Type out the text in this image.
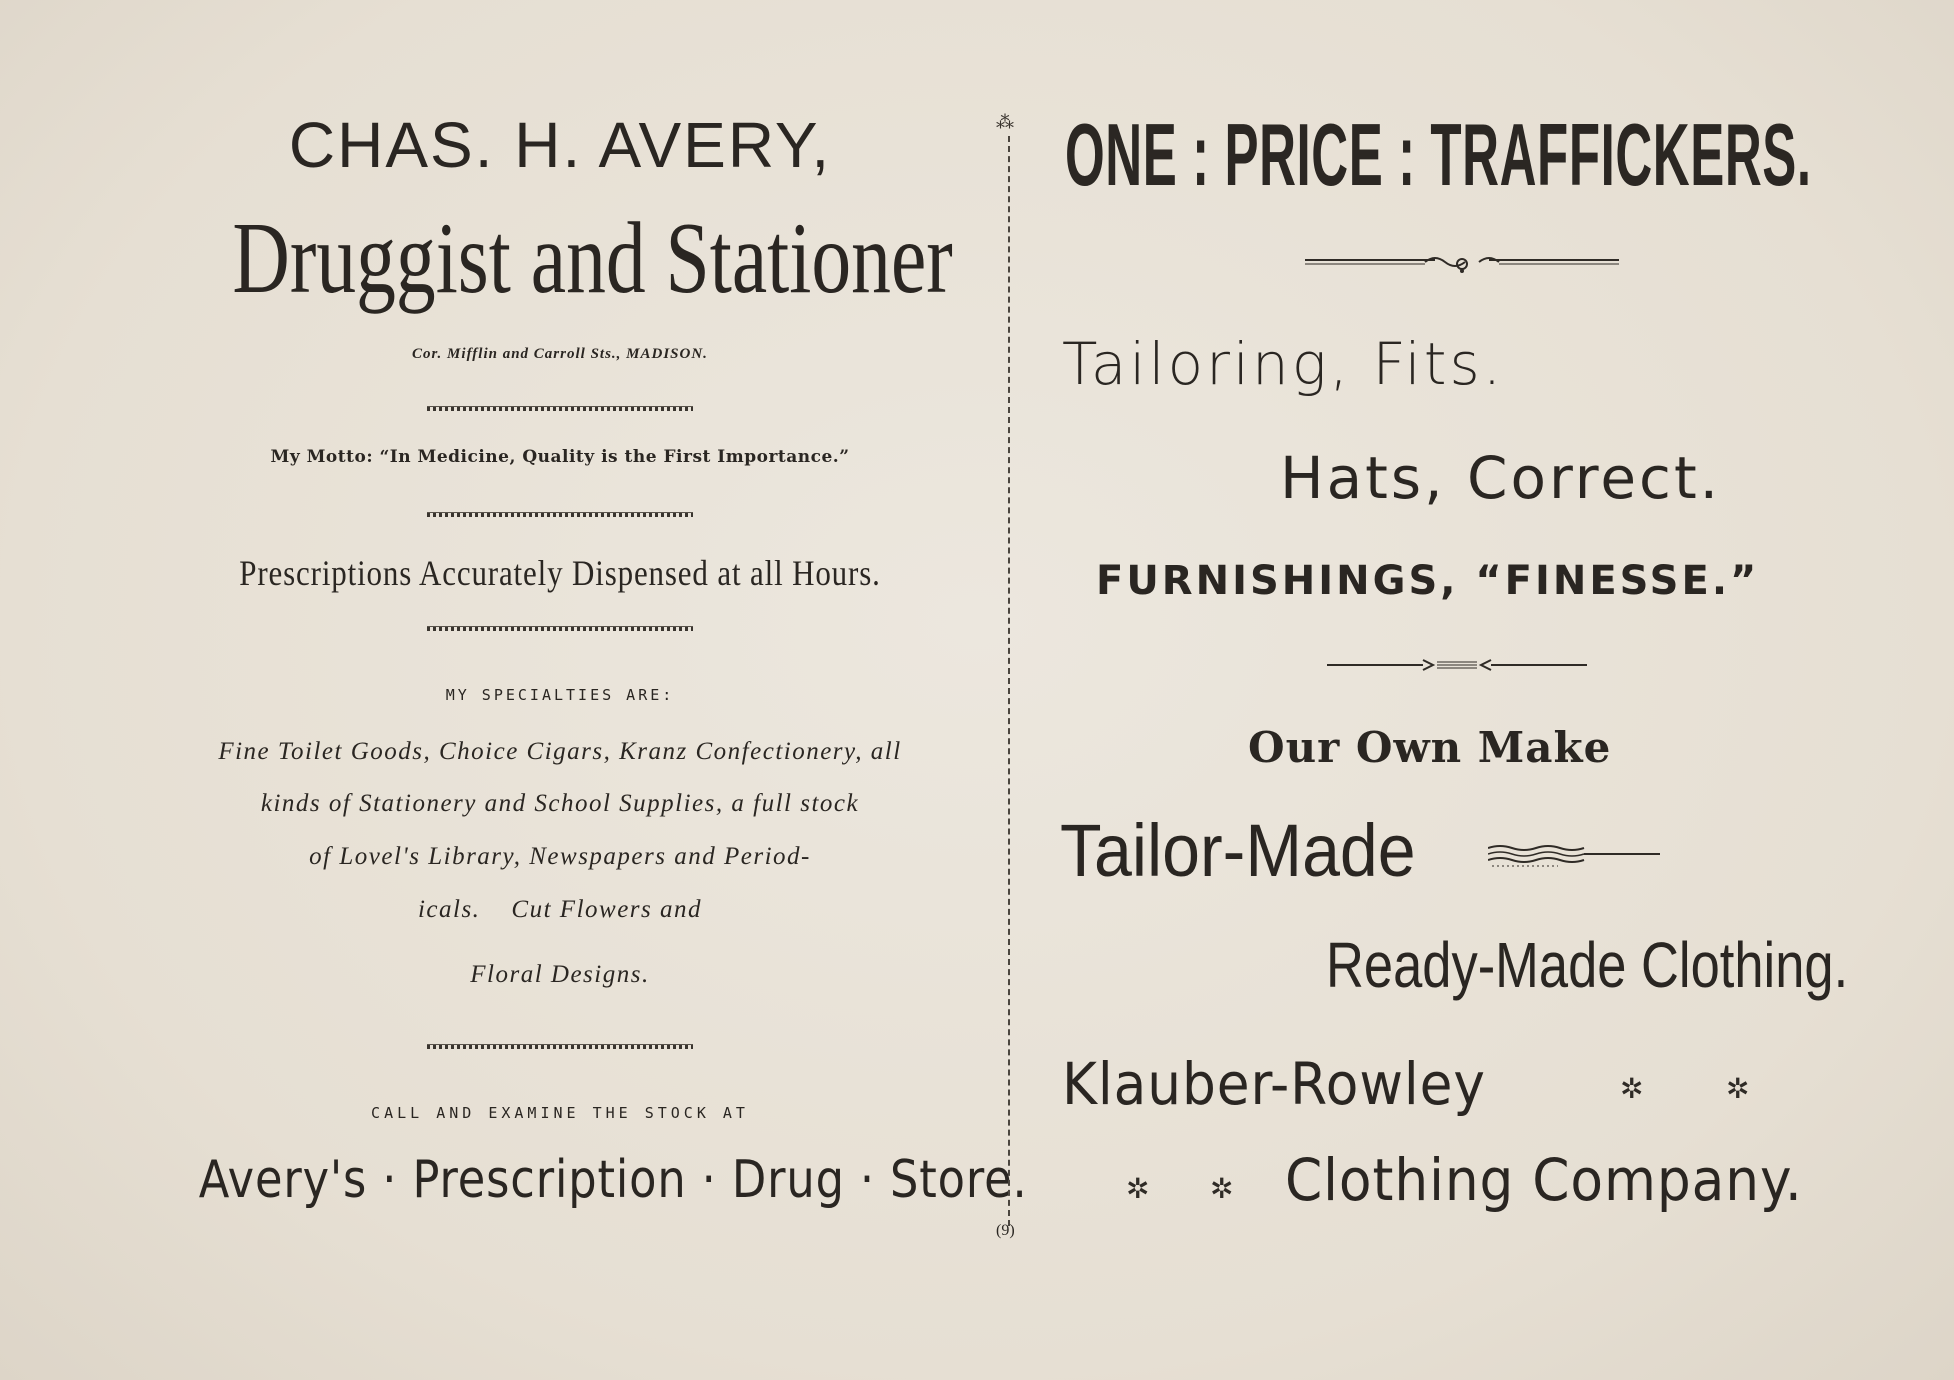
CHAS. H. AVERY,
Druggist and Stationer
Cor. Mifflin and Carroll Sts., MADISON.
My Motto: “In Medicine, Quality is the First Importance.”
Prescriptions Accurately Dispensed at all Hours.
MY SPECIALTIES ARE:
Fine Toilet Goods, Choice Cigars, Kranz Confectionery, all
kinds of Stationery and School Supplies, a full stock
of Lovel's Library, Newspapers and Period-
icals.    Cut Flowers and
Floral Designs.
CALL AND EXAMINE THE STOCK AT
Avery's · Prescription · Drug · Store.
⁂
(9)
ONE : PRICE : TRAFFICKERS.
Tailoring, Fits.
Hats, Correct.
FURNISHINGS, “FINESSE.”
Our Own Make
Tailor-Made
Ready-Made Clothing.
Klauber-Rowley	✲	✲
✲ ✲ Clothing Company.
